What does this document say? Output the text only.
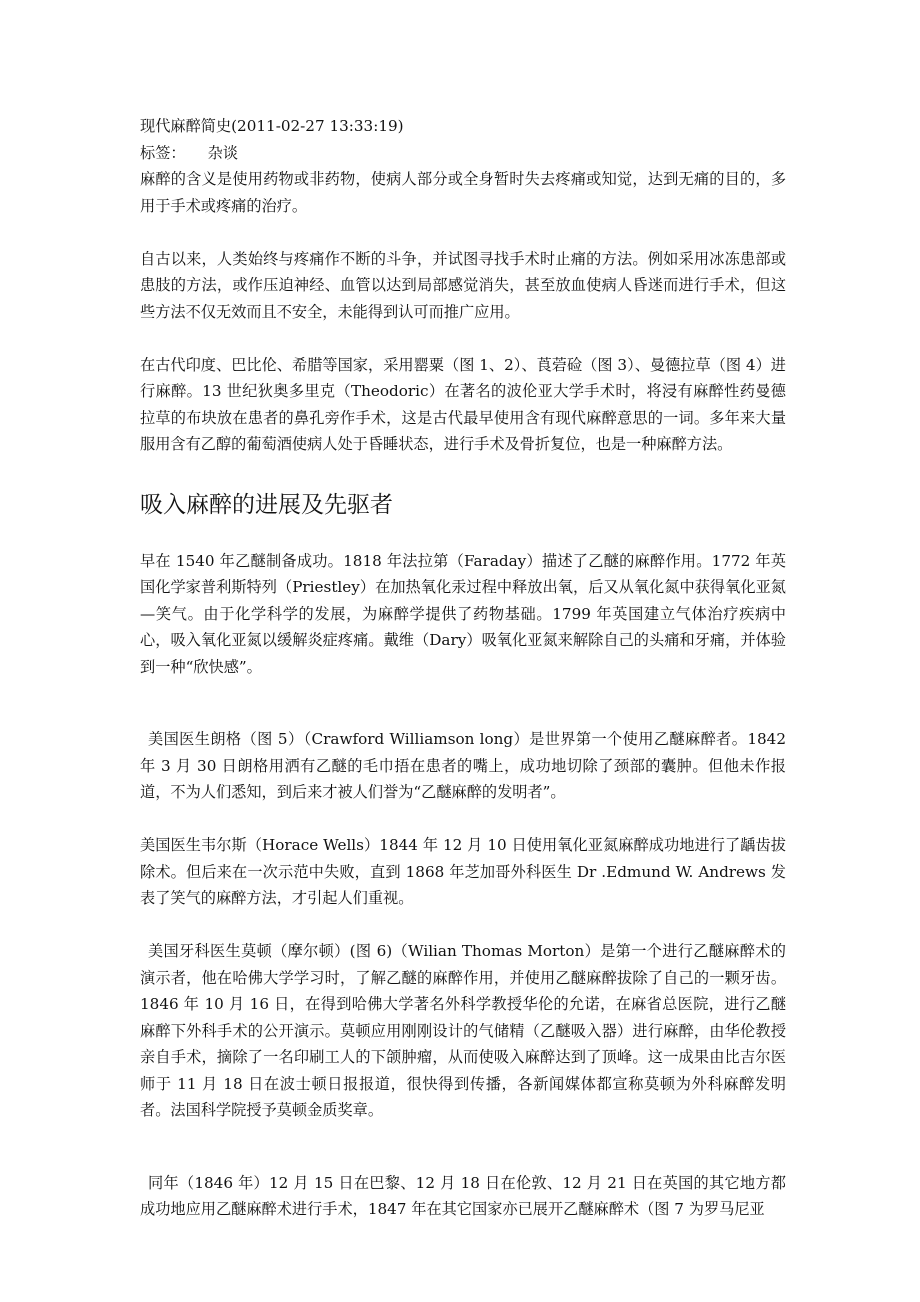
现代麻醉简史(2011-02-27 13:33:19)

标签： 杂谈

麻醉的含义是使用药物或非药物，使病人部分或全身暂时失去疼痛或知觉，达到无痛的目的，多用于手术或疼痛的治疗。

自古以来，人类始终与疼痛作不断的斗争，并试图寻找手术时止痛的方法。例如采用冰冻患部或患肢的方法，或作压迫神经、血管以达到局部感觉消失，甚至放血使病人昏迷而进行手术，但这些方法不仅无效而且不安全，未能得到认可而推广应用。

在古代印度、巴比伦、希腊等国家，采用罂粟（图 1、2）、莨菪硷（图 3）、曼德拉草（图 4）进行麻醉。13 世纪狄奥多里克（Theodoric）在著名的波伦亚大学手术时，将浸有麻醉性药曼德拉草的布块放在患者的鼻孔旁作手术，这是古代最早使用含有现代麻醉意思的一词。多年来大量服用含有乙醇的葡萄酒使病人处于昏睡状态，进行手术及骨折复位，也是一种麻醉方法。

吸入麻醉的进展及先驱者

早在 1540 年乙醚制备成功。1818 年法拉第（Faraday）描述了乙醚的麻醉作用。1772 年英国化学家普利斯特列（Priestley）在加热氧化汞过程中释放出氧，后又从氧化氮中获得氧化亚氮—笑气。由于化学科学的发展，为麻醉学提供了药物基础。1799 年英国建立气体治疗疾病中心，吸入氧化亚氮以缓解炎症疼痛。戴维（Dary）吸氧化亚氮来解除自己的头痛和牙痛，并体验到一种“欣快感”。

美国医生朗格（图 5）（Crawford Williamson long）是世界第一个使用乙醚麻醉者。1842 年 3 月 30 日朗格用洒有乙醚的毛巾捂在患者的嘴上，成功地切除了颈部的囊肿。但他未作报道，不为人们悉知，到后来才被人们誉为“乙醚麻醉的发明者”。

美国医生韦尔斯（Horace Wells）1844 年 12 月 10 日使用氧化亚氮麻醉成功地进行了龋齿拔除术。但后来在一次示范中失败，直到 1868 年芝加哥外科医生 Dr .Edmund W. Andrews 发表了笑气的麻醉方法，才引起人们重视。

美国牙科医生莫顿（摩尔顿）(图 6)（Wilian Thomas Morton）是第一个进行乙醚麻醉术的演示者，他在哈佛大学学习时，了解乙醚的麻醉作用，并使用乙醚麻醉拔除了自己的一颗牙齿。1846 年 10 月 16 日，在得到哈佛大学著名外科学教授华伦的允诺，在麻省总医院，进行乙醚麻醉下外科手术的公开演示。莫顿应用刚刚设计的气储精（乙醚吸入器）进行麻醉，由华伦教授亲自手术，摘除了一名印刷工人的下颌肿瘤，从而使吸入麻醉达到了顶峰。这一成果由比吉尔医师于 11 月 18 日在波士顿日报报道，很快得到传播，各新闻媒体都宣称莫顿为外科麻醉发明者。法国科学院授予莫顿金质奖章。

同年（1846 年）12 月 15 日在巴黎、12 月 18 日在伦敦、12 月 21 日在英国的其它地方都成功地应用乙醚麻醉术进行手术，1847 年在其它国家亦已展开乙醚麻醉术（图 7 为罗马尼亚
